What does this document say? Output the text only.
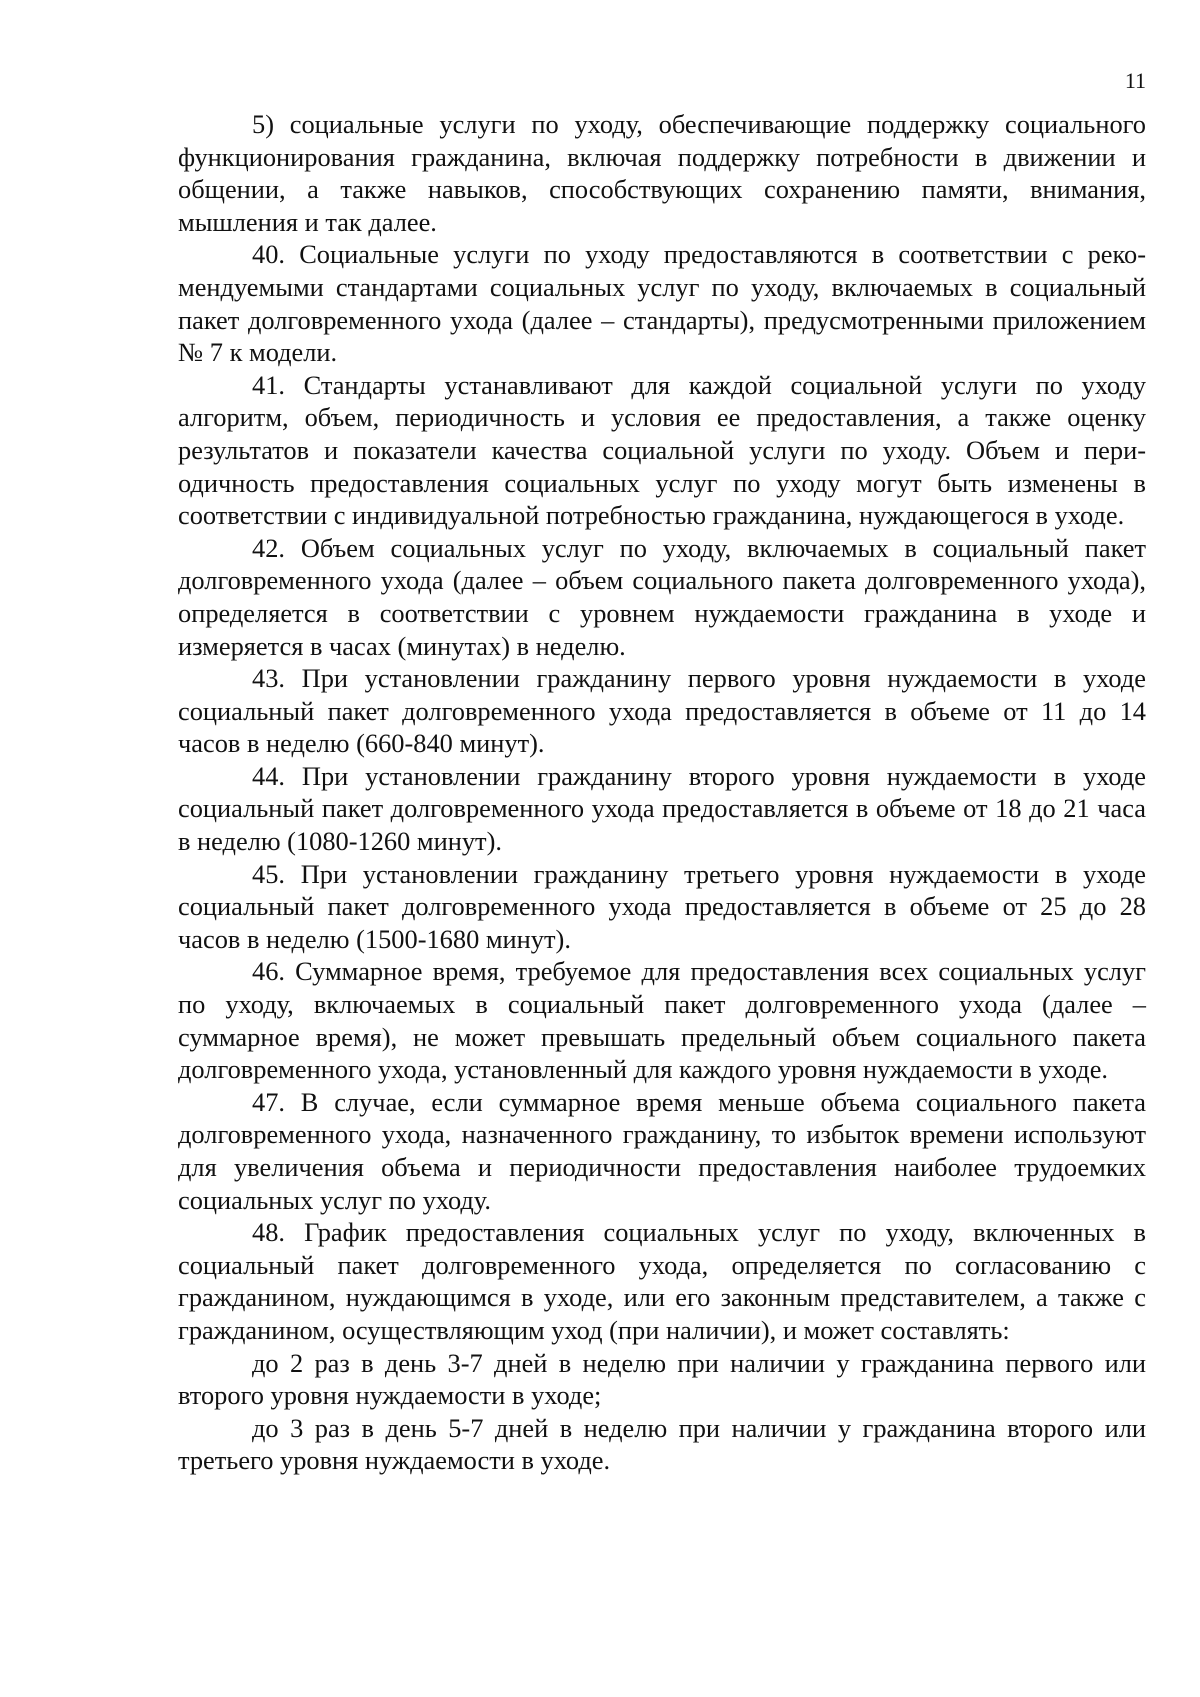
11

5) социальные услуги по уходу, обеспечивающие поддержку социального функционирования гражданина, включая поддержку потребности в движении и общении, а также навыков, способствующих сохранению памяти, внимания, мышления и так далее.

40. Социальные услуги по уходу предоставляются в соответствии с рекомендуемыми стандартами социальных услуг по уходу, включаемых в социальный пакет долговременного ухода (далее – стандарты), предусмотренными приложением № 7 к модели.

41. Стандарты устанавливают для каждой социальной услуги по уходу алгоритм, объем, периодичность и условия ее предоставления, а также оценку результатов и показатели качества социальной услуги по уходу. Объем и периодичность предоставления социальных услуг по уходу могут быть изменены в соответствии с индивидуальной потребностью гражданина, нуждающегося в уходе.

42. Объем социальных услуг по уходу, включаемых в социальный пакет долговременного ухода (далее – объем социального пакета долговременного ухода), определяется в соответствии с уровнем нуждаемости гражданина в уходе и измеряется в часах (минутах) в неделю.

43. При установлении гражданину первого уровня нуждаемости в уходе социальный пакет долговременного ухода предоставляется в объеме от 11 до 14 часов в неделю (660-840 минут).

44. При установлении гражданину второго уровня нуждаемости в уходе социальный пакет долговременного ухода предоставляется в объеме от 18 до 21 часа в неделю (1080-1260 минут).

45. При установлении гражданину третьего уровня нуждаемости в уходе социальный пакет долговременного ухода предоставляется в объеме от 25 до 28 часов в неделю (1500-1680 минут).

46. Суммарное время, требуемое для предоставления всех социальных услуг по уходу, включаемых в социальный пакет долговременного ухода (далее – суммарное время), не может превышать предельный объем социального пакета долговременного ухода, установленный для каждого уровня нуждаемости в уходе.

47. В случае, если суммарное время меньше объема социального пакета долговременного ухода, назначенного гражданину, то избыток времени используют для увеличения объема и периодичности предоставления наиболее трудоемких социальных услуг по уходу.

48. График предоставления социальных услуг по уходу, включенных в социальный пакет долговременного ухода, определяется по согласованию с гражданином, нуждающимся в уходе, или его законным представителем, а также с гражданином, осуществляющим уход (при наличии), и может составлять:

до 2 раз в день 3-7 дней в неделю при наличии у гражданина первого или второго уровня нуждаемости в уходе;

до 3 раз в день 5-7 дней в неделю при наличии у гражданина второго или третьего уровня нуждаемости в уходе.
